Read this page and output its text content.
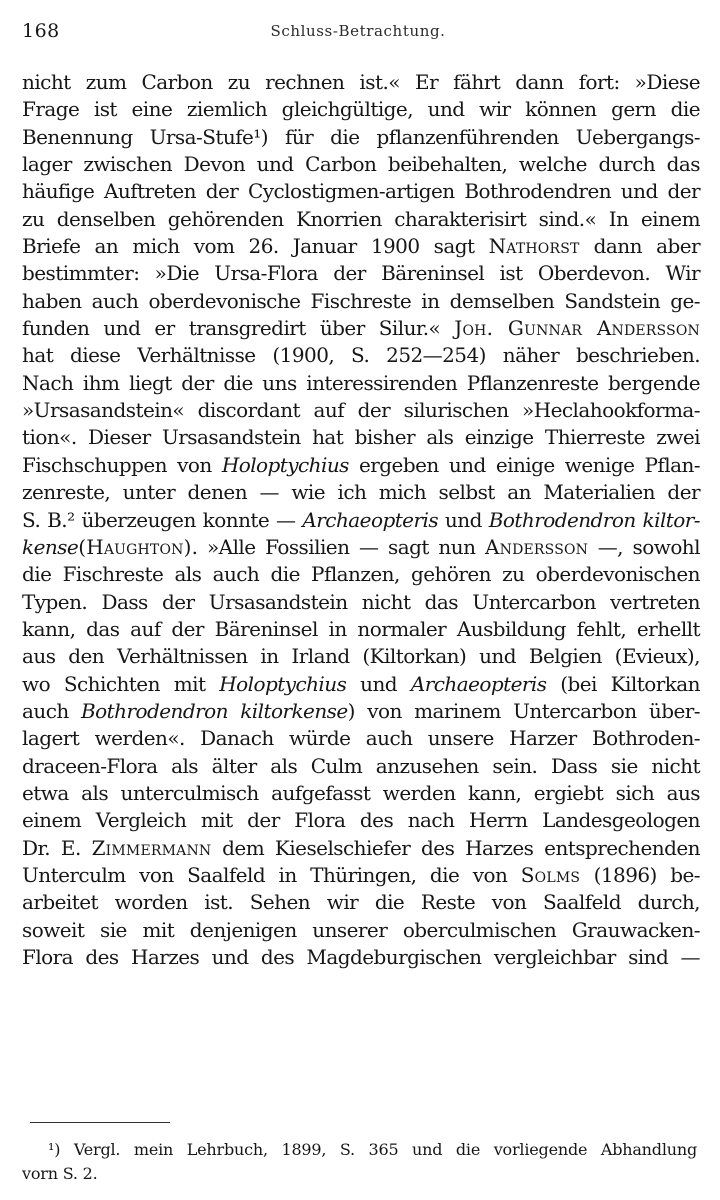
168	Schluss-Betrachtung.
nicht zum Carbon zu rechnen ist.« Er fährt dann fort: »Diese
Frage ist eine ziemlich gleichgültige, und wir können gern die
Benennung Ursa-Stufe¹) für die pflanzenführenden Uebergangs-
lager zwischen Devon und Carbon beibehalten, welche durch das
häufige Auftreten der Cyclostigmen-artigen Bothrodendren und der
zu denselben gehörenden Knorrien charakterisirt sind.« In einem
Briefe an mich vom 26. Januar 1900 sagt Nathorst dann aber
bestimmter: »Die Ursa-Flora der Bäreninsel ist Oberdevon. Wir
haben auch oberdevonische Fischreste in demselben Sandstein ge-
funden und er transgredirt über Silur.« Joh. Gunnar Andersson
hat diese Verhältnisse (1900, S. 252—254) näher beschrieben.
Nach ihm liegt der die uns interessirenden Pflanzenreste bergende
»Ursasandstein« discordant auf der silurischen »Heclahookforma-
tion«. Dieser Ursasandstein hat bisher als einzige Thierreste zwei
Fischschuppen von Holoptychius ergeben und einige wenige Pflan-
zenreste, unter denen — wie ich mich selbst an Materialien der
S. B.² überzeugen konnte — Archaeopteris und Bothrodendron kiltor-
kense(Haughton). »Alle Fossilien — sagt nun Andersson —, sowohl
die Fischreste als auch die Pflanzen, gehören zu oberdevonischen
Typen. Dass der Ursasandstein nicht das Untercarbon vertreten
kann, das auf der Bäreninsel in normaler Ausbildung fehlt, erhellt
aus den Verhältnissen in Irland (Kiltorkan) und Belgien (Evieux),
wo Schichten mit Holoptychius und Archaeopteris (bei Kiltorkan
auch Bothrodendron kiltorkense) von marinem Untercarbon über-
lagert werden«. Danach würde auch unsere Harzer Bothroden-
draceen-Flora als älter als Culm anzusehen sein. Dass sie nicht
etwa als unterculmisch aufgefasst werden kann, ergiebt sich aus
einem Vergleich mit der Flora des nach Herrn Landesgeologen
Dr. E. Zimmermann dem Kieselschiefer des Harzes entsprechenden
Unterculm von Saalfeld in Thüringen, die von Solms (1896) be-
arbeitet worden ist. Sehen wir die Reste von Saalfeld durch,
soweit sie mit denjenigen unserer oberculmischen Grauwacken-
Flora des Harzes und des Magdeburgischen vergleichbar sind —
¹) Vergl. mein Lehrbuch, 1899, S. 365 und die vorliegende Abhandlung
vorn S. 2.
